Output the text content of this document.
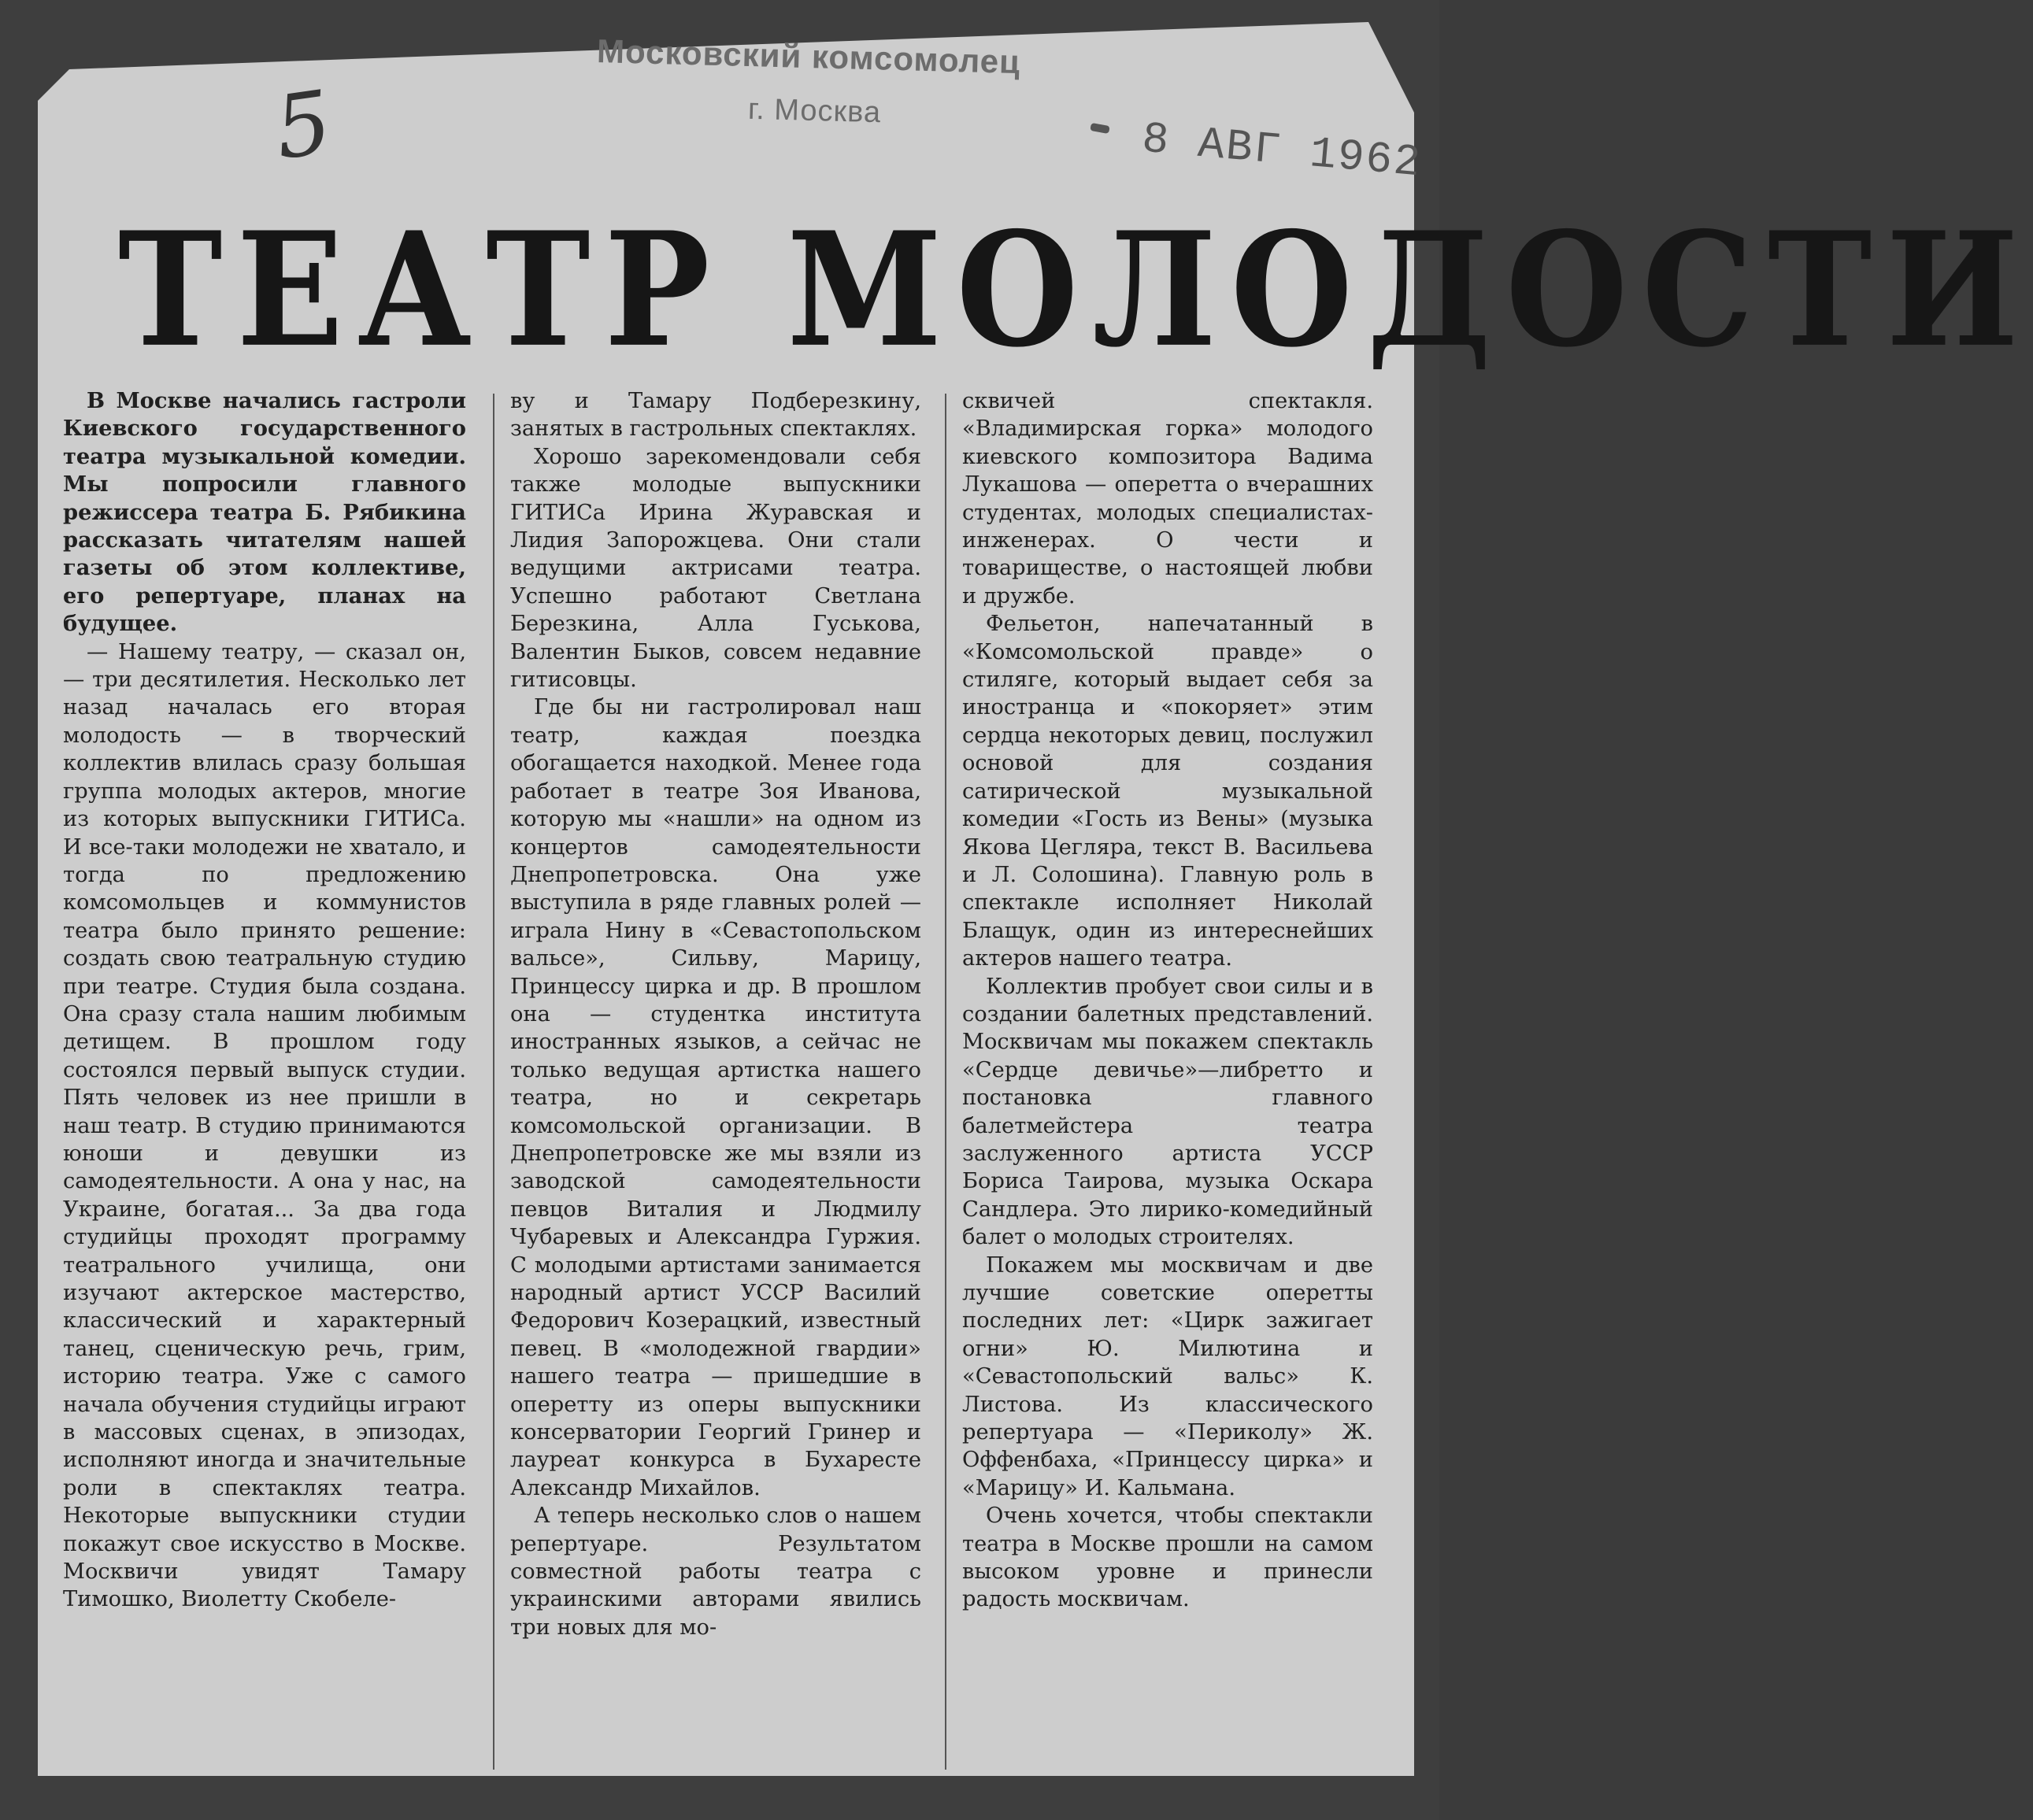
Московский комсомолец
г. Москва
8 АВГ 1962
5
ТЕАТР МОЛОДОСТИ

В Москве начались гастроли Киевского государственного театра музыкальной комедии. Мы попросили главного режиссера театра Б. Рябикина рассказать читателям нашей газеты об этом коллективе, его репертуаре, планах на будущее.

— Нашему театру, — сказал он, — три десятилетия. Несколько лет назад началась его вторая молодость — в творческий коллектив влилась сразу большая группа молодых актеров, многие из которых выпускники ГИТИСа. И все-таки молодежи не хватало, и тогда по предложению комсомольцев и коммунистов театра было принято решение: создать свою театральную студию при театре. Студия была создана. Она сразу стала нашим любимым детищем. В прошлом году состоялся первый выпуск студии. Пять человек из нее пришли в наш театр. В студию принимаются юноши и девушки из самодеятельности. А она у нас, на Украине, богатая... За два года студийцы проходят программу театрального училища, они изучают актерское мастерство, классический и характерный танец, сценическую речь, грим, историю театра. Уже с самого начала обучения студийцы играют в массовых сценах, в эпизодах, исполняют иногда и значительные роли в спектаклях театра. Некоторые выпускники студии покажут свое искусство в Москве. Москвичи увидят Тамару Тимошко, Виолетту Скобеле-

ву и Тамару Подберезкину, занятых в гастрольных спектаклях.

Хорошо зарекомендовали себя также молодые выпускники ГИТИСа Ирина Журавская и Лидия Запорожцева. Они стали ведущими актрисами театра. Успешно работают Светлана Березкина, Алла Гуськова, Валентин Быков, совсем недавние гитисовцы.

Где бы ни гастролировал наш театр, каждая поездка обогащается находкой. Менее года работает в театре Зоя Иванова, которую мы «нашли» на одном из концертов самодеятельности Днепропетровска. Она уже выступила в ряде главных ролей — играла Нину в «Севастопольском вальсе», Сильву, Марицу, Принцессу цирка и др. В прошлом она — студентка института иностранных языков, а сейчас не только ведущая артистка нашего театра, но и секретарь комсомольской организации. В Днепропетровске же мы взяли из заводской самодеятельности певцов Виталия и Людмилу Чубаревых и Александра Гуржия. С молодыми артистами занимается народный артист УССР Василий Федорович Козерацкий, известный певец. В «молодежной гвардии» нашего театра — пришедшие в оперетту из оперы выпускники консерватории Георгий Гринер и лауреат конкурса в Бухаресте Александр Михайлов.

А теперь несколько слов о нашем репертуаре. Результатом совместной работы театра с украинскими авторами явились три новых для мо-

сквичей спектакля. «Владимирская горка» молодого киевского композитора Вадима Лукашова — оперетта о вчерашних студентах, молодых специалистах-инженерах. О чести и товариществе, о настоящей любви и дружбе.

Фельетон, напечатанный в «Комсомольской правде» о стиляге, который выдает себя за иностранца и «покоряет» этим сердца некоторых девиц, послужил основой для создания сатирической музыкальной комедии «Гость из Вены» (музыка Якова Цегляра, текст В. Васильева и Л. Солошина). Главную роль в спектакле исполняет Николай Блащук, один из интереснейших актеров нашего театра.

Коллектив пробует свои силы и в создании балетных представлений. Москвичам мы покажем спектакль «Сердце девичье»—либретто и постановка главного балетмейстера театра заслуженного артиста УССР Бориса Таирова, музыка Оскара Сандлера. Это лирико-комедийный балет о молодых строителях.

Покажем мы москвичам и две лучшие советские оперетты последних лет: «Цирк зажигает огни» Ю. Милютина и «Севастопольский вальс» К. Листова. Из классического репертуара — «Периколу» Ж. Оффенбаха, «Принцессу цирка» и «Марицу» И. Кальмана.

Очень хочется, чтобы спектакли театра в Москве прошли на самом высоком уровне и принесли радость москвичам.
